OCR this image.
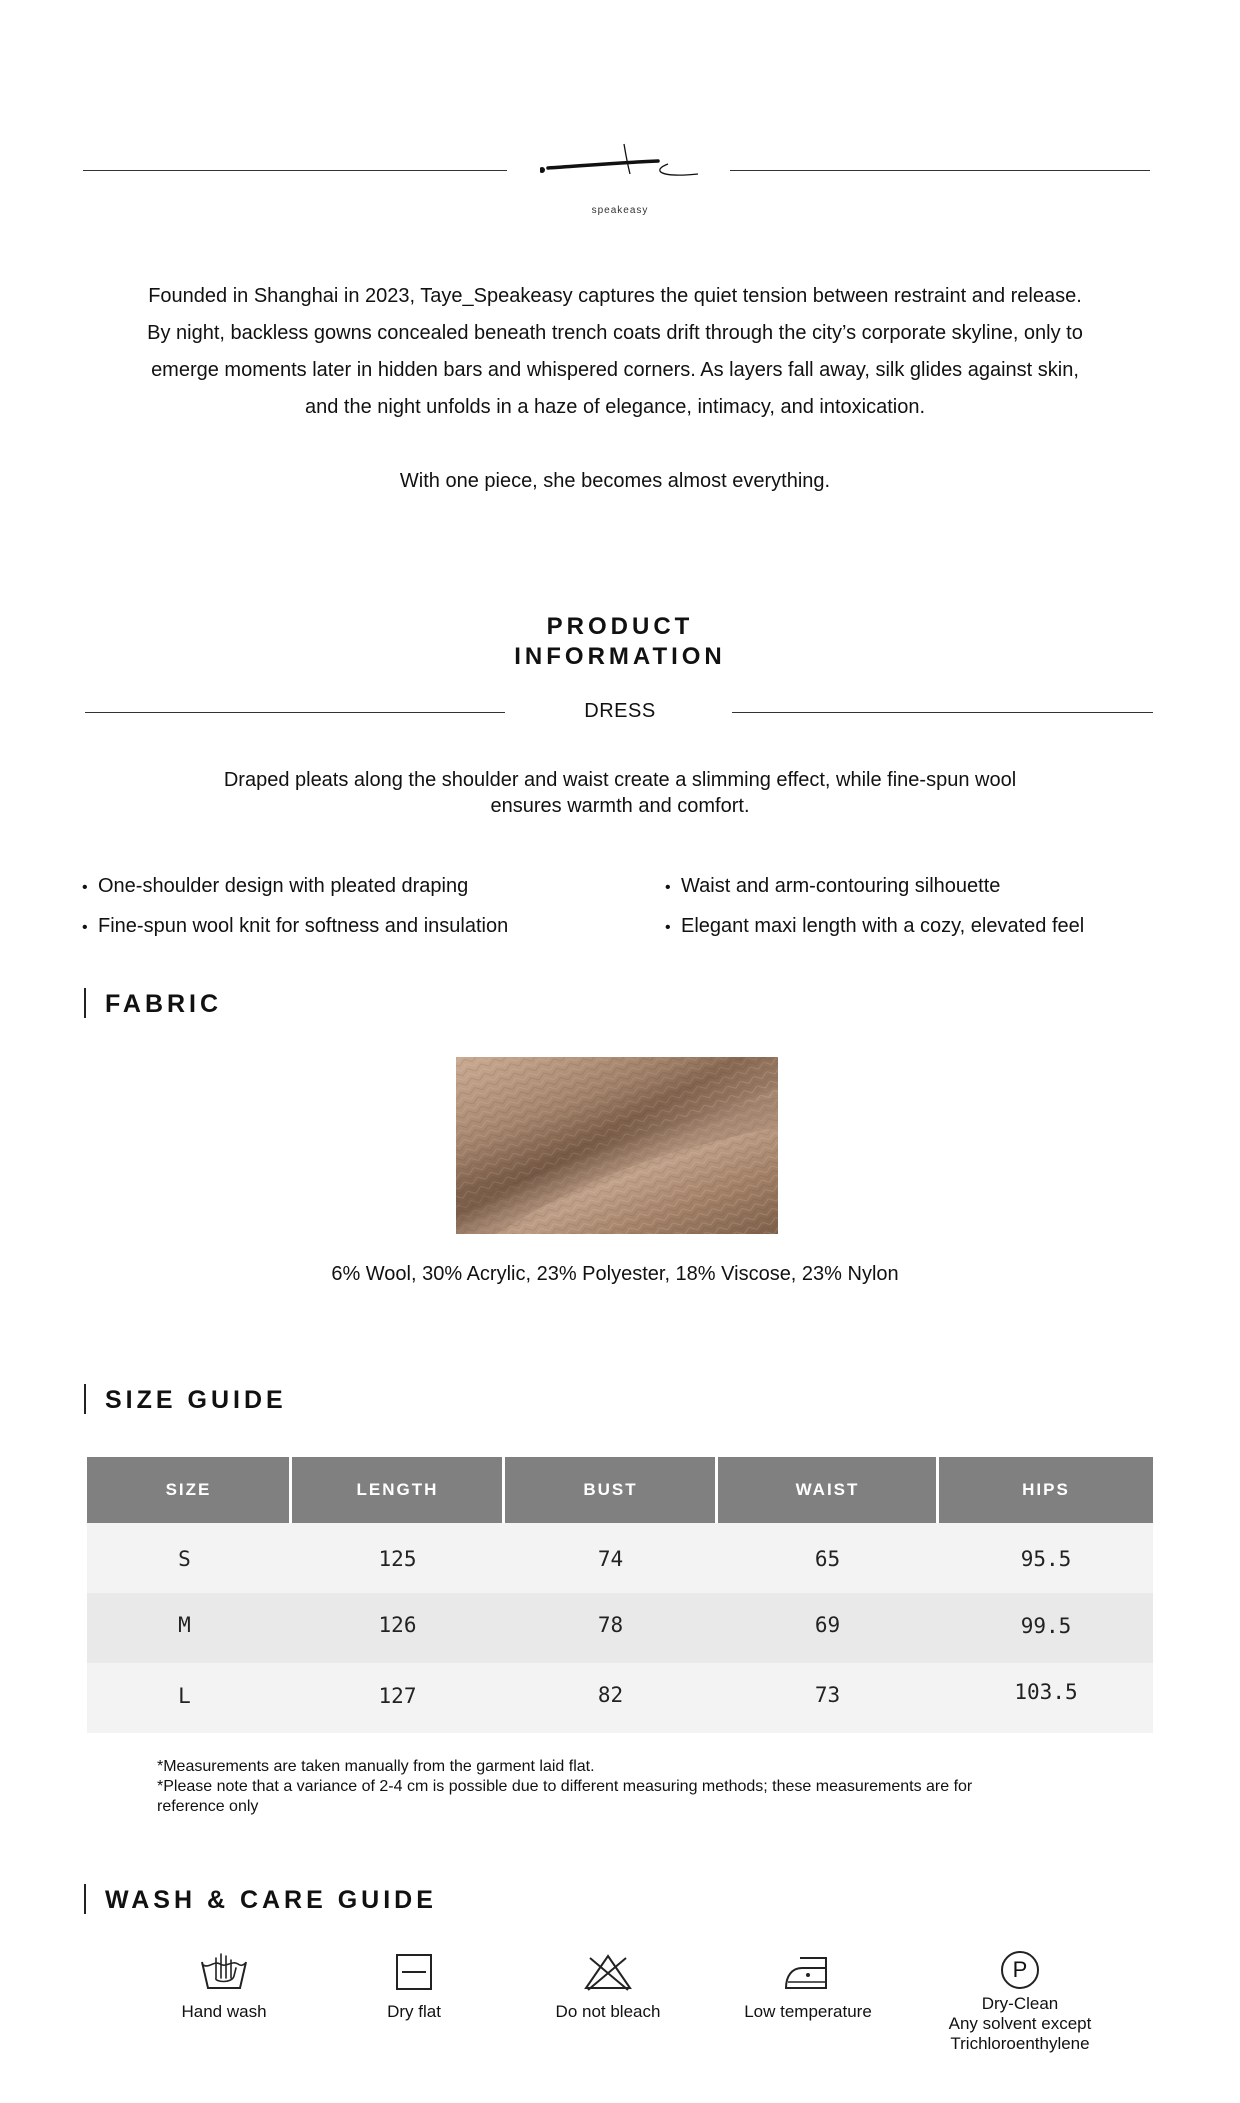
speakeasy

Founded in Shanghai in 2023, Taye_Speakeasy captures the quiet tension between restraint and release.

By night, backless gowns concealed beneath trench coats drift through the city’s corporate skyline, only to

emerge moments later in hidden bars and whispered corners. As layers fall away, silk glides against skin,

and the night unfolds in a haze of elegance, intimacy, and intoxication.

With one piece, she becomes almost everything.
PRODUCT
INFORMATION
DRESS
Draped pleats along the shoulder and waist create a slimming effect, while fine-spun wool
ensures warmth and comfort.
• One-shoulder design with pleated draping	• Waist and arm-contouring silhouette
• Fine-spun wool knit for softness and insulation	• Elegant maxi length with a cozy, elevated feel
FABRIC
6% Wool, 30% Acrylic, 23% Polyester, 18% Viscose, 23% Nylon
SIZE GUIDE
SIZE	LENGTH	BUST	WAIST	HIPS
S	125	74	65	95.5
M	126	78	69	99.5
L	127	82	73	103.5
*Measurements are taken manually from the garment laid flat.
*Please note that a variance of 2-4 cm is possible due to different measuring methods; these measurements are for
reference only
WASH & CARE GUIDE
Hand wash	Dry flat	Do not bleach	Low temperature
P
Dry-Clean
Any solvent except
Trichloroenthylene
